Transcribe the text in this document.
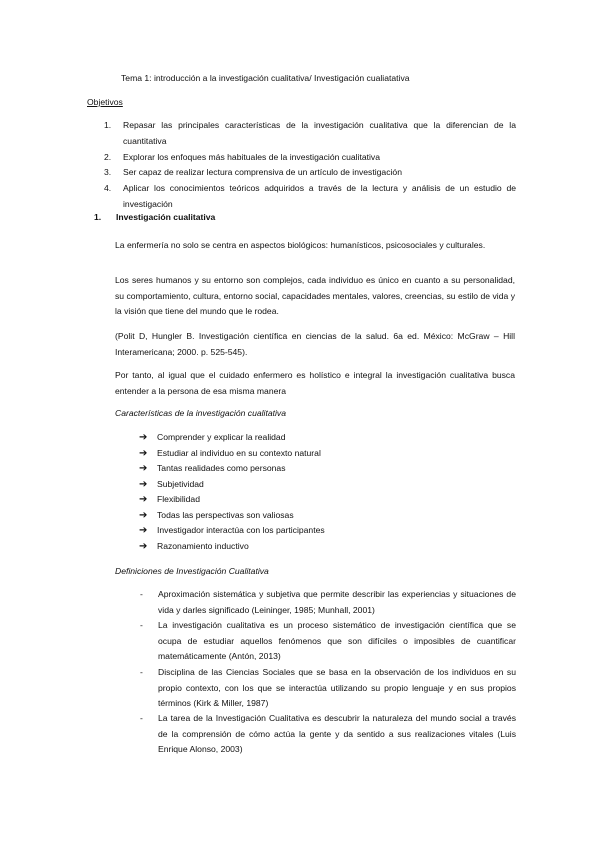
Tema 1: introducción a la investigación cualitativa/ Investigación cualiatativa
Objetivos
1.	Repasar las principales características de la investigación cualitativa que la diferencian de la cuantitativa
2.	Explorar los enfoques más habituales de la investigación cualitativa
3.	Ser capaz de realizar lectura comprensiva de un artículo de investigación
4.	Aplicar los conocimientos teóricos adquiridos a través de la lectura y análisis de un estudio de investigación
1. Investigación cualitativa
La enfermería no solo se centra en aspectos biológicos: humanísticos, psicosociales y culturales.
Los seres humanos y su entorno son complejos, cada individuo es único en cuanto a su personalidad, su comportamiento, cultura, entorno social, capacidades mentales, valores, creencias, su estilo de vida y la visión que tiene del mundo que le rodea.
(Polit D, Hungler B. Investigación científica en ciencias de la salud. 6a ed. México: McGraw – Hill Interamericana; 2000. p. 525-545).
Por tanto, al igual que el cuidado enfermero es holístico e integral la investigación cualitativa busca entender a la persona de esa misma manera
Características de la investigación cualitativa
➔ Comprender y explicar la realidad
➔ Estudiar al individuo en su contexto natural
➔ Tantas realidades como personas
➔ Subjetividad
➔ Flexibilidad
➔ Todas las perspectivas son valiosas
➔ Investigador interactúa con los participantes
➔ Razonamiento inductivo
Definiciones de Investigación Cualitativa
- Aproximación sistemática y subjetiva que permite describir las experiencias y situaciones de vida y darles significado (Leininger, 1985; Munhall, 2001)
- La investigación cualitativa es un proceso sistemático de investigación científica que se ocupa de estudiar aquellos fenómenos que son difíciles o imposibles de cuantificar matemáticamente (Antón, 2013)
- Disciplina de las Ciencias Sociales que se basa en la observación de los individuos en su propio contexto, con los que se interactúa utilizando su propio lenguaje y en sus propios términos (Kirk & Miller, 1987)
- La tarea de la Investigación Cualitativa es descubrir la naturaleza del mundo social a través de la comprensión de cómo actúa la gente y da sentido a sus realizaciones vitales (Luis Enrique Alonso, 2003)
